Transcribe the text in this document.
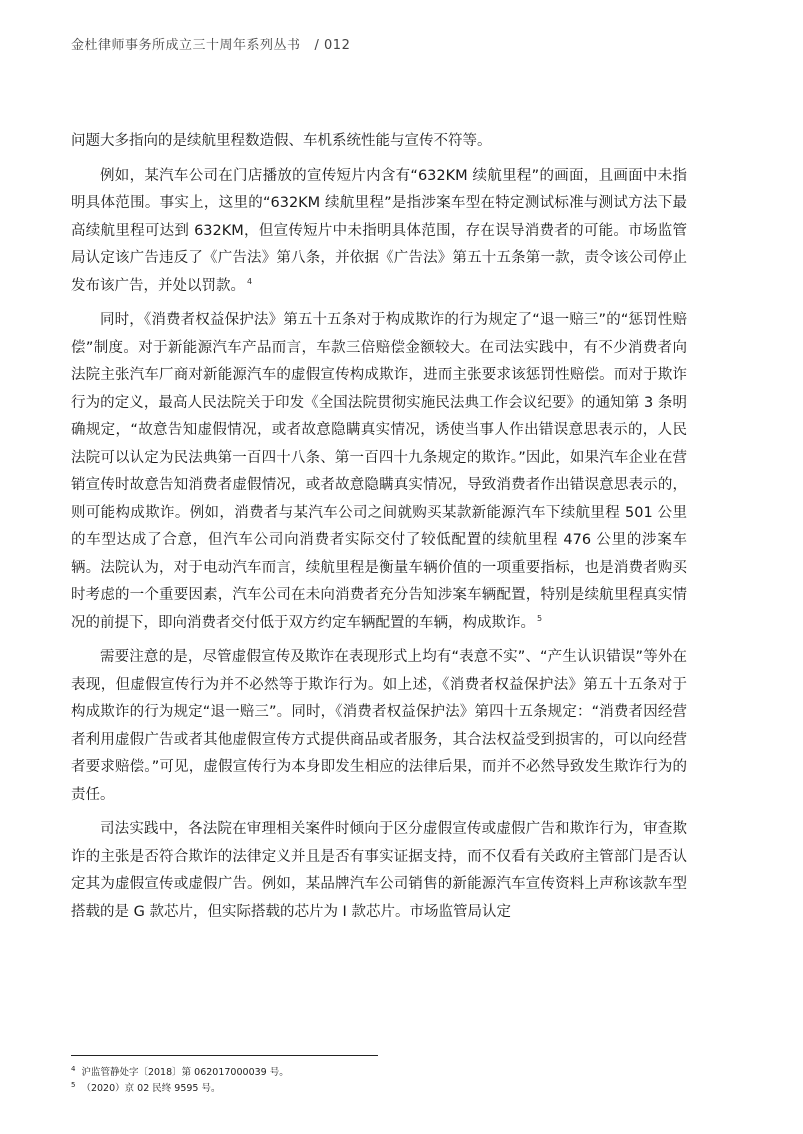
金杜律师事务所成立三十周年系列丛书 / 012

问题大多指向的是续航里程数造假、车机系统性能与宣传不符等。

例如，某汽车公司在门店播放的宣传短片内含有“632KM 续航里程”的画面，且画面中未指明具体范围。事实上，这里的“632KM 续航里程”是指涉案车型在特定测试标准与测试方法下最高续航里程可达到 632KM，但宣传短片中未指明具体范围，存在误导消费者的可能。市场监管局认定该广告违反了《广告法》第八条，并依据《广告法》第五十五条第一款，责令该公司停止发布该广告，并处以罚款。 $^4$

同时，《消费者权益保护法》第五十五条对于构成欺诈的行为规定了“退一赔三”的“惩罚性赔偿”制度。对于新能源汽车产品而言，车款三倍赔偿金额较大。在司法实践中，有不少消费者向法院主张汽车厂商对新能源汽车的虚假宣传构成欺诈，进而主张要求该惩罚性赔偿。而对于欺诈行为的定义，最高人民法院关于印发《全国法院贯彻实施民法典工作会议纪要》的通知第 3 条明确规定，“故意告知虚假情况，或者故意隐瞒真实情况，诱使当事人作出错误意思表示的，人民法院可以认定为民法典第一百四十八条、第一百四十九条规定的欺诈。”因此，如果汽车企业在营销宣传时故意告知消费者虚假情况，或者故意隐瞒真实情况，导致消费者作出错误意思表示的，则可能构成欺诈。例如，消费者与某汽车公司之间就购买某款新能源汽车下续航里程 501 公里的车型达成了合意，但汽车公司向消费者实际交付了较低配置的续航里程 476 公里的涉案车辆。法院认为，对于电动汽车而言，续航里程是衡量车辆价值的一项重要指标，也是消费者购买时考虑的一个重要因素，汽车公司在未向消费者充分告知涉案车辆配置，特别是续航里程真实情况的前提下，即向消费者交付低于双方约定车辆配置的车辆，构成欺诈。 $^5$

需要注意的是，尽管虚假宣传及欺诈在表现形式上均有“表意不实”、“产生认识错误”等外在表现，但虚假宣传行为并不必然等于欺诈行为。如上述，《消费者权益保护法》第五十五条对于构成欺诈的行为规定“退一赔三”。同时，《消费者权益保护法》第四十五条规定：“消费者因经营者利用虚假广告或者其他虚假宣传方式提供商品或者服务，其合法权益受到损害的，可以向经营者要求赔偿。”可见，虚假宣传行为本身即发生相应的法律后果，而并不必然导致发生欺诈行为的责任。

司法实践中，各法院在审理相关案件时倾向于区分虚假宣传或虚假广告和欺诈行为，审查欺诈的主张是否符合欺诈的法律定义并且是否有事实证据支持，而不仅看有关政府主管部门是否认定其为虚假宣传或虚假广告。例如，某品牌汽车公司销售的新能源汽车宣传资料上声称该款车型搭载的是 G 款芯片，但实际搭载的芯片为 I 款芯片。市场监管局认定

$^4$ 沪监管静处字〔2018〕第 062017000039 号。
$^5$ （2020）京 02 民终 9595 号。
